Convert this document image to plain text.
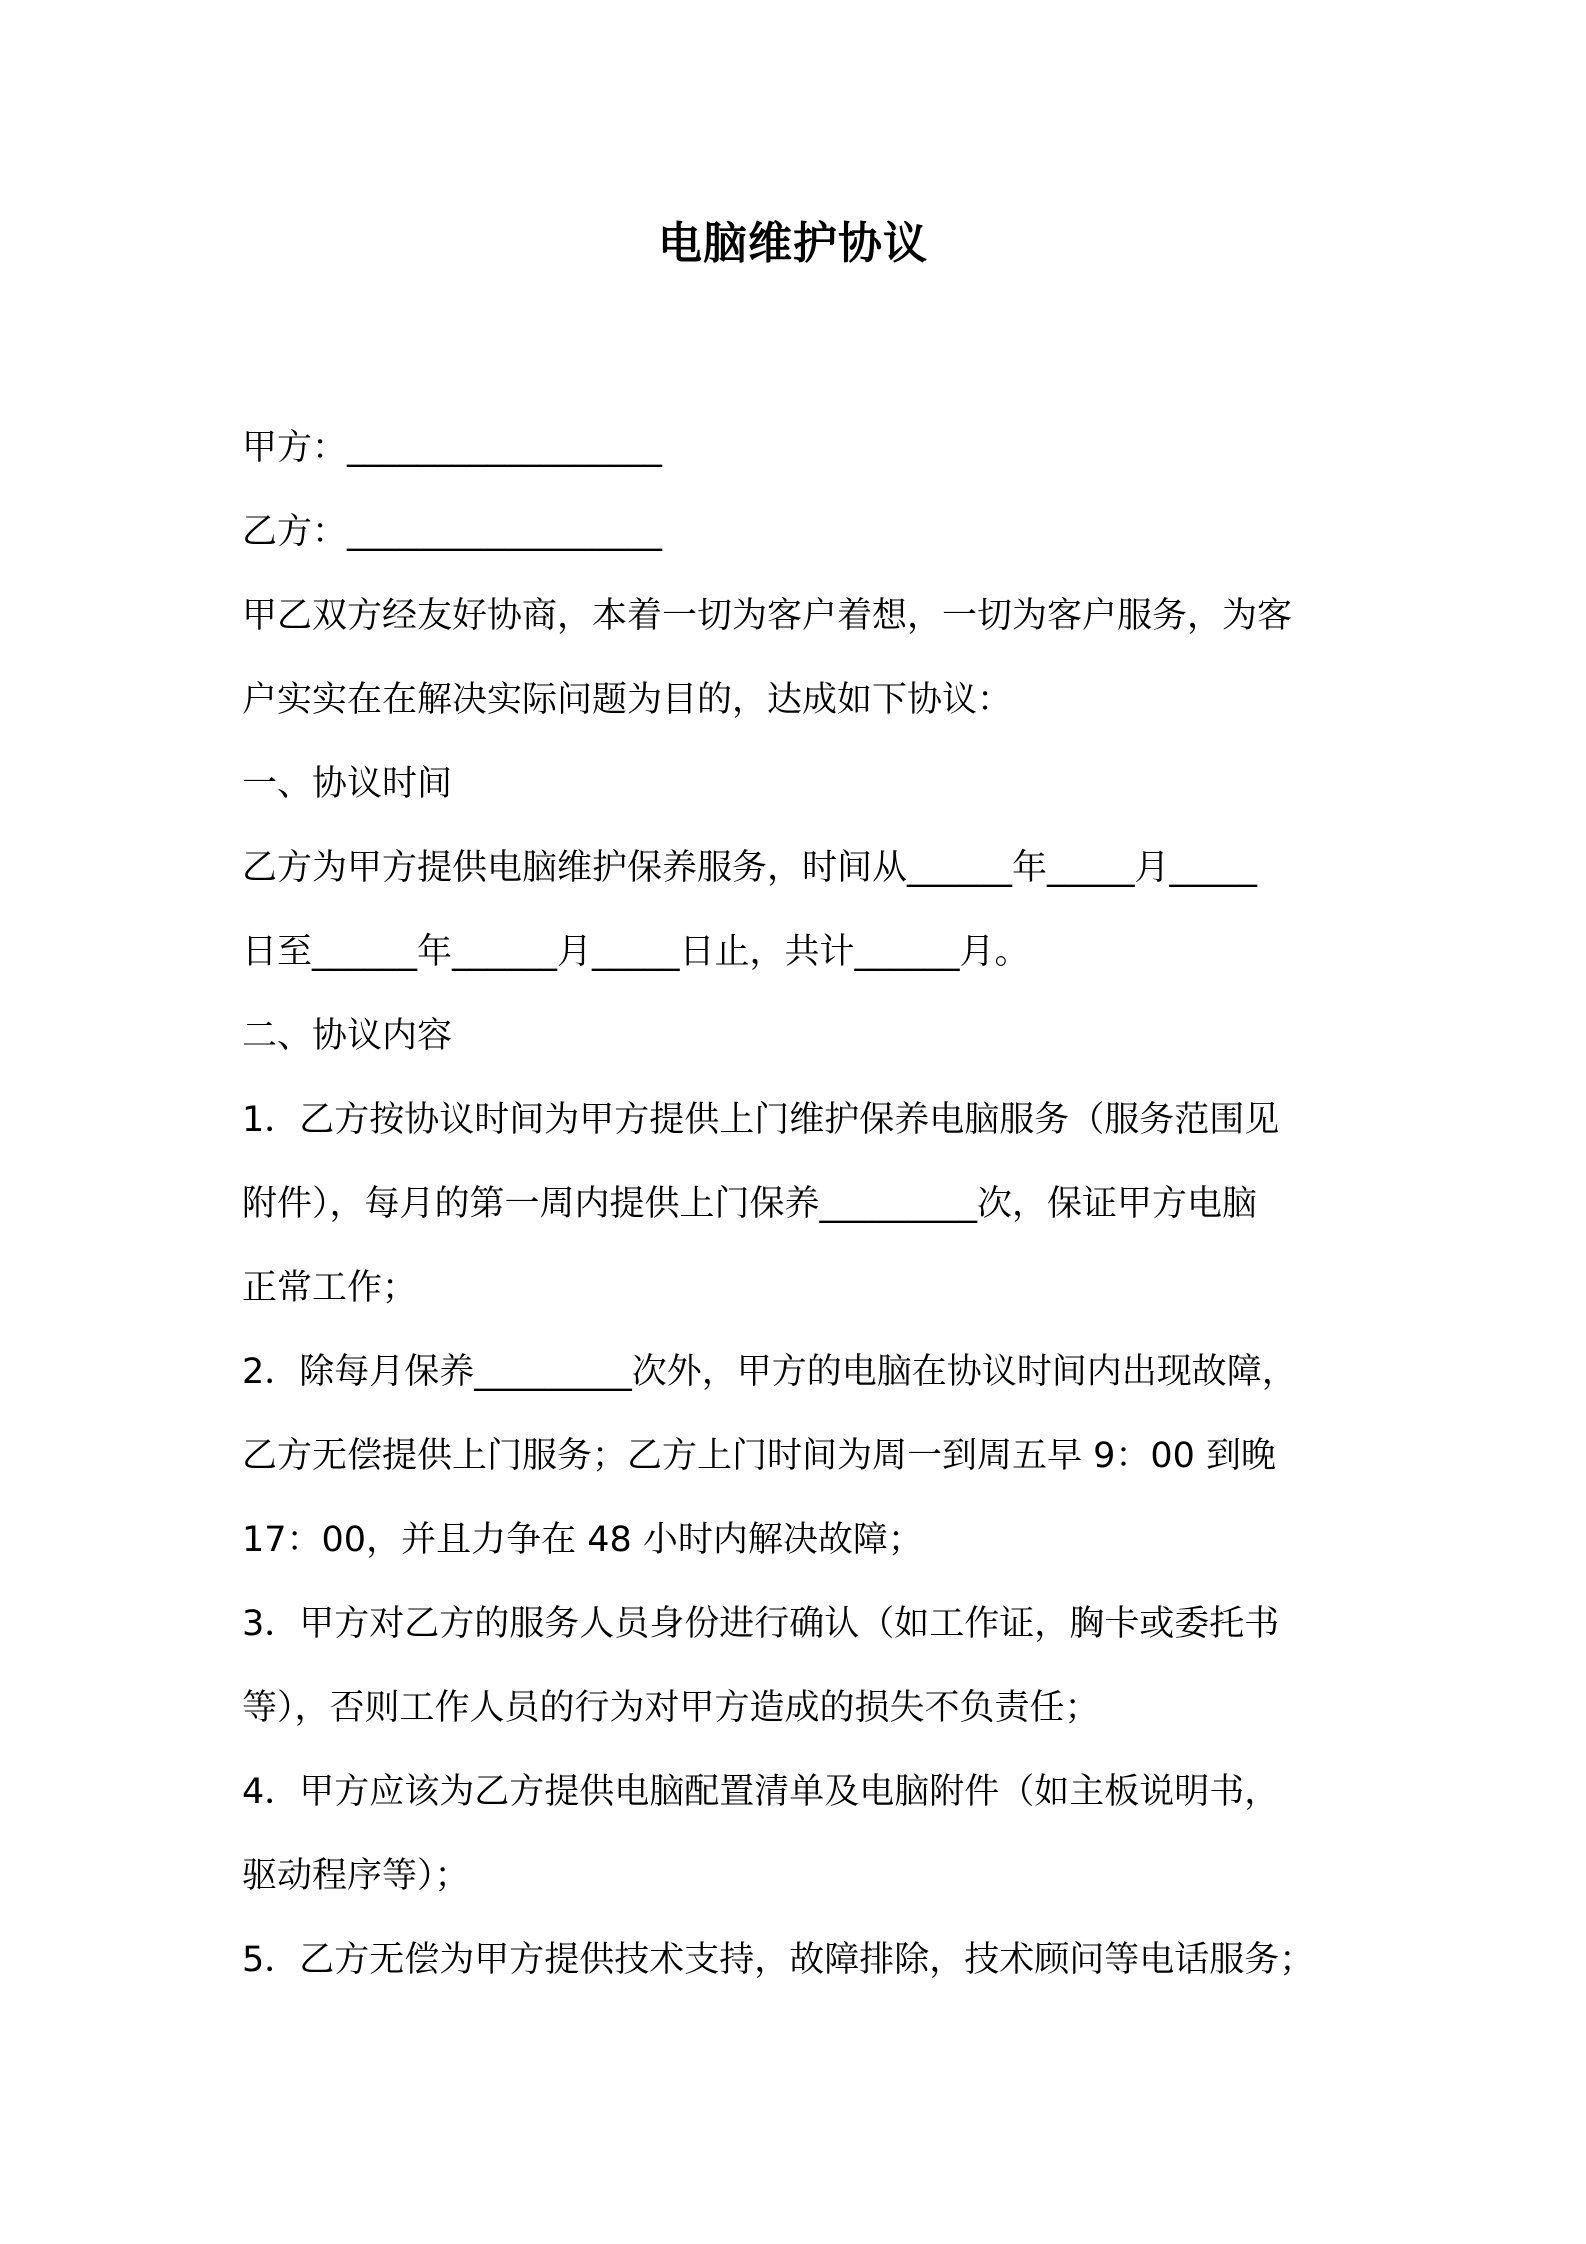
电脑维护协议
甲方：__________________
乙方：__________________
甲乙双方经友好协商，本着一切为客户着想，一切为客户服务，为客
户实实在在解决实际问题为目的，达成如下协议：
一、协议时间
乙方为甲方提供电脑维护保养服务，时间从______年_____月_____
日至______年______月_____日止，共计______月。
二、协议内容
1．乙方按协议时间为甲方提供上门维护保养电脑服务（服务范围见
附件），每月的第一周内提供上门保养_________次，保证甲方电脑
正常工作；
2．除每月保养_________次外，甲方的电脑在协议时间内出现故障，
乙方无偿提供上门服务；乙方上门时间为周一到周五早 9：00 到晚
17：00，并且力争在 48 小时内解决故障；
3．甲方对乙方的服务人员身份进行确认（如工作证，胸卡或委托书
等），否则工作人员的行为对甲方造成的损失不负责任；
4．甲方应该为乙方提供电脑配置清单及电脑附件（如主板说明书，
驱动程序等）；
5．乙方无偿为甲方提供技术支持，故障排除，技术顾问等电话服务；
